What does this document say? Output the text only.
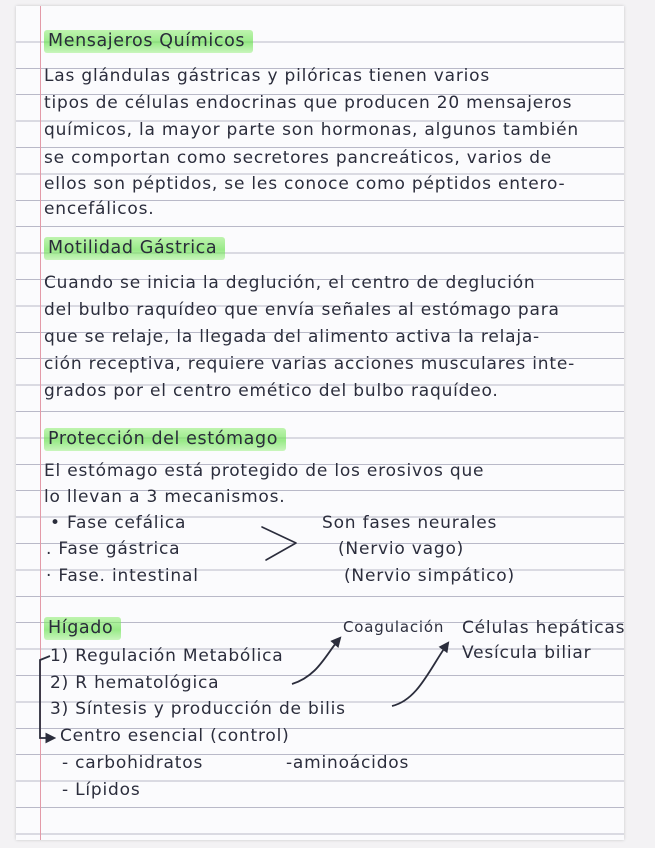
Mensajeros Químicos
Las glándulas gástricas y pilóricas tienen varios
tipos de células endocrinas que producen 20 mensajeros
químicos, la mayor parte son hormonas, algunos también
se comportan como secretores pancreáticos, varios de
ellos son péptidos, se les conoce como péptidos entero-
encefálicos.
Motilidad Gástrica
Cuando se inicia la deglución, el centro de deglución
del bulbo raquídeo que envía señales al estómago para
que se relaje, la llegada del alimento activa la relaja-
ción receptiva, requiere varias acciones musculares inte-
grados por el centro emético del bulbo raquídeo.
Protección del estómago
El estómago está protegido de los erosivos que
lo llevan a 3 mecanismos.
• Fase cefálica
. Fase gástrica
· Fase. intestinal
Son fases neurales
(Nervio vago)
(Nervio simpático)
Hígado
1) Regulación Metabólica
2) R hematológica
3) Síntesis y producción de bilis
Centro esencial (control)
Coagulación Células hepáticas
Vesícula biliar
- carbohidratos	-aminoácidos
- Lípidos
